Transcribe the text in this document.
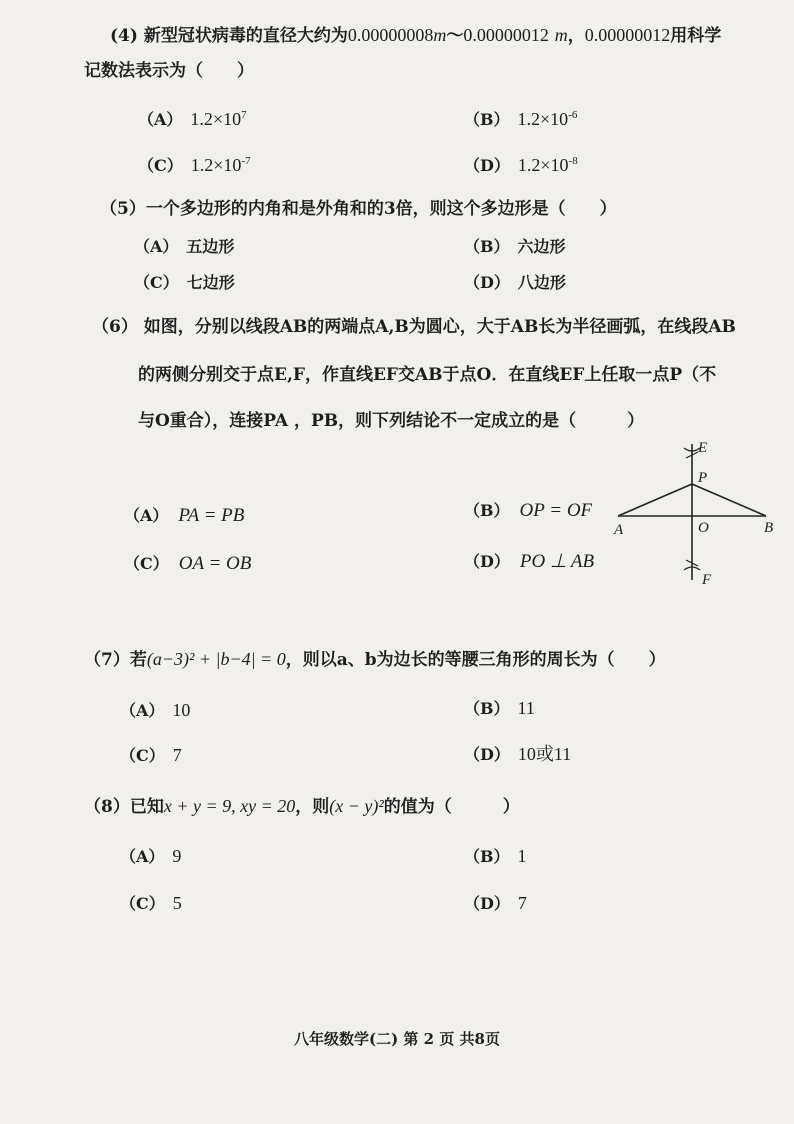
(4) 新型冠状病毒的直径大约为0.00000008m～0.00000012 m，0.00000012用科学
记数法表示为（　　）
（A） $1.2\times 10^7$	（B） $1.2\times 10^{-6}$
（C） $1.2\times 10^{-7}$	（D） $1.2\times 10^{-8}$
（5）一个多边形的内角和是外角和的3倍，则这个多边形是（　　）
（A） 五边形	（B） 六边形
（C） 七边形	（D） 八边形
（6） 如图，分别以线段AB的两端点A,B为圆心，大于AB长为半径画弧，在线段AB
的两侧分别交于点E,F，作直线EF交AB于点O．在直线EF上任取一点P（不
与O重合），连接PA ，PB，则下列结论不一定成立的是（　　　）
（A） PA = PB	（B） OP = OF
（C） OA = OB	（D） PO ⊥ AB
E
P
A	O	B
F
（7）若(a−3)² + |b−4| = 0，则以a、b为边长的等腰三角形的周长为（　　）
（A） 10	（B） 11
（C） 7	（D） 10或11
（8）已知x + y = 9, xy = 20，则(x − y)²的值为（　　　）
（A） 9	（B） 1
（C） 5	（D） 7
八年级数学(二) 第 2 页 共8页
